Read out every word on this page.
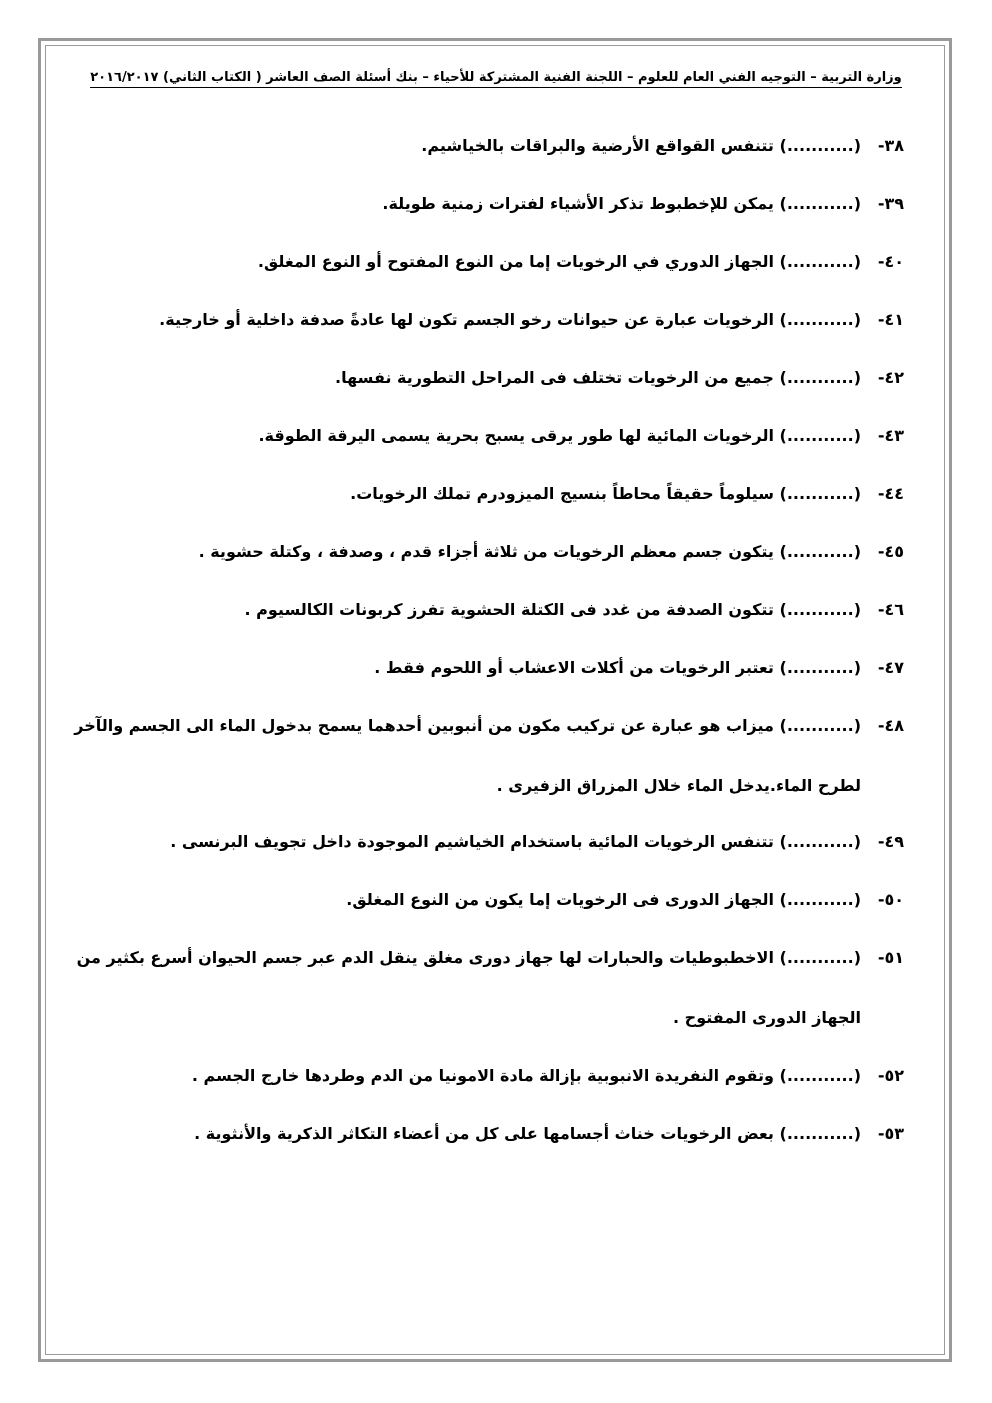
وزارة التربية – التوجيه الفني العام للعلوم – اللجنة الفنية المشتركة للأحياء – بنك أسئلة الصف العاشر ( الكتاب الثاني) ٢٠١٦/٢٠١٧
٣٨-
(...........) تتنفس القواقع الأرضية والبراقات بالخياشيم.
٣٩-
(...........) يمكن للإخطبوط تذكر الأشياء لفترات زمنية طويلة.
٤٠-
(...........) الجهاز الدوري في الرخويات إما من النوع المفتوح أو النوع المغلق.
٤١-
(...........) الرخويات عبارة عن حيوانات رخو الجسم تكون لها عادةً صدفة داخلية أو خارجية.
٤٢-
(...........) جميع من الرخويات تختلف فى المراحل التطورية نفسها.
٤٣-
(...........) الرخويات المائية لها طور يرقى يسبح بحرية يسمى اليرقة الطوقة.
٤٤-
(...........) سيلوماً حقيقاً محاطاً بنسيج الميزودرم تملك الرخويات.
٤٥-
(...........) يتكون جسم معظم الرخويات من ثلاثة أجزاء قدم ، وصدفة ، وكتلة حشوية .
٤٦-
(...........) تتكون الصدفة من غدد فى الكتلة الحشوية تفرز كربونات الكالسيوم .
٤٧-
(...........) تعتبر الرخويات من أكلات الاعشاب أو اللحوم فقط .
٤٨-
(...........) ميزاب هو عبارة عن تركيب مكون من أنبوبين أحدهما يسمح بدخول الماء الى الجسم والآخر
لطرح الماء.يدخل الماء خلال المزراق الزفيرى .
٤٩-
(...........) تتنفس الرخويات المائية باستخدام الخياشيم الموجودة داخل تجويف البرنسى .
٥٠-
(...........) الجهاز الدورى فى الرخويات إما يكون من النوع المغلق.
٥١-
(...........) الاخطبوطيات والحبارات لها جهاز دورى مغلق ينقل الدم عبر جسم الحيوان أسرع بكثير من
الجهاز الدورى المفتوح .
٥٢-
(...........) وتقوم النفريدة الانبوبية بإزالة مادة الامونيا من الدم وطردها خارج الجسم .
٥٣-
(...........) بعض الرخويات خناث أجسامها على كل من أعضاء التكاثر الذكرية والأنثوية .
